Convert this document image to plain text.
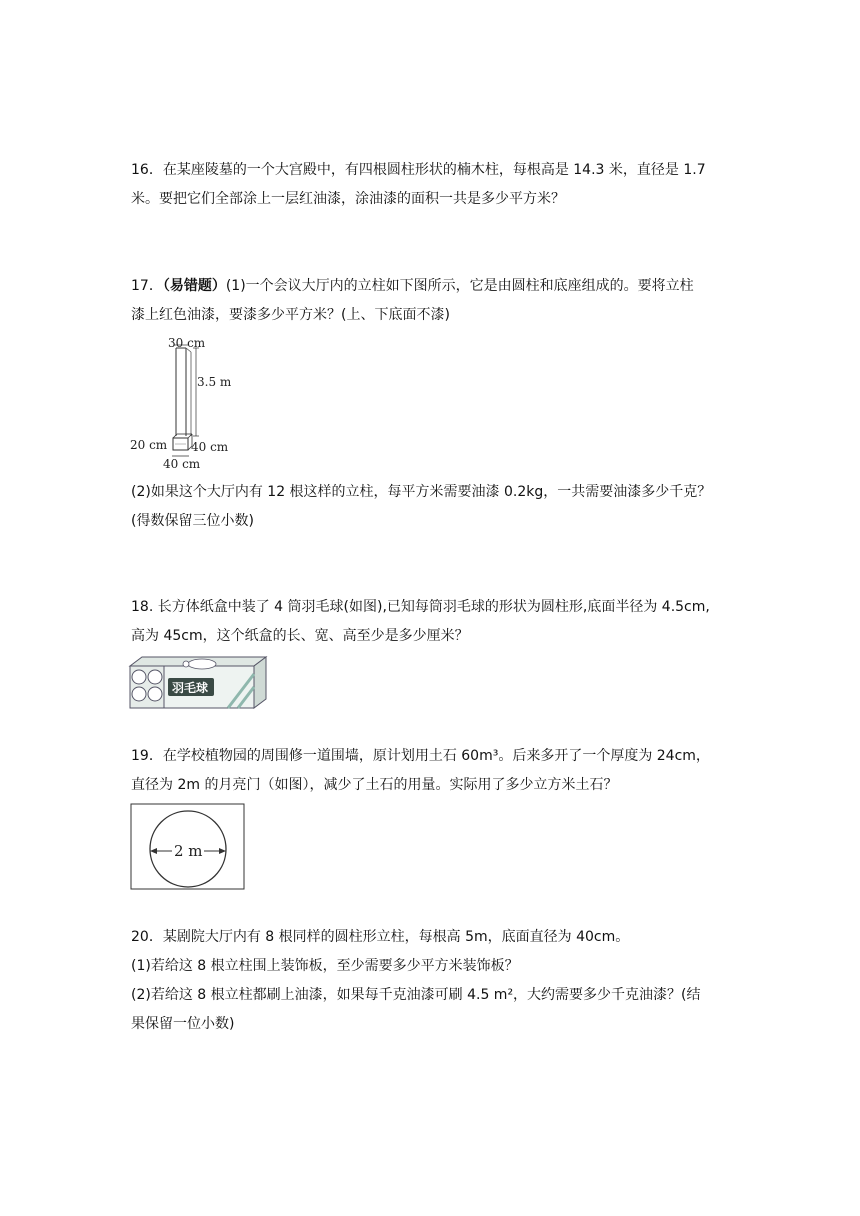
16．在某座陵墓的一个大宫殿中，有四根圆柱形状的楠木柱，每根高是 14.3 米，直径是 1.7
米。要把它们全部涂上一层红油漆，涂油漆的面积一共是多少平方米？
17．（易错题）(1)一个会议大厅内的立柱如下图所示，它是由圆柱和底座组成的。要将立柱
漆上红色油漆，要漆多少平方米？(上、下底面不漆)
30 cm
3.5 m
20 cm 40 cm
40 cm
(2)如果这个大厅内有 12 根这样的立柱，每平方米需要油漆 0.2kg，一共需要油漆多少千克？
(得数保留三位小数)
18. 长方体纸盒中装了 4 筒羽毛球(如图),已知每筒羽毛球的形状为圆柱形,底面半径为 4.5cm,
高为 45cm，这个纸盒的长、宽、高至少是多少厘米？
羽毛球
19．在学校植物园的周围修一道围墙，原计划用土石 60m³。后来多开了一个厚度为 24cm，
直径为 2m 的月亮门（如图），减少了土石的用量。实际用了多少立方米土石？
2 m
20．某剧院大厅内有 8 根同样的圆柱形立柱，每根高 5m，底面直径为 40cm。
(1)若给这 8 根立柱围上装饰板，至少需要多少平方米装饰板？
(2)若给这 8 根立柱都刷上油漆，如果每千克油漆可刷 4.5 m²，大约需要多少千克油漆？(结
果保留一位小数)
